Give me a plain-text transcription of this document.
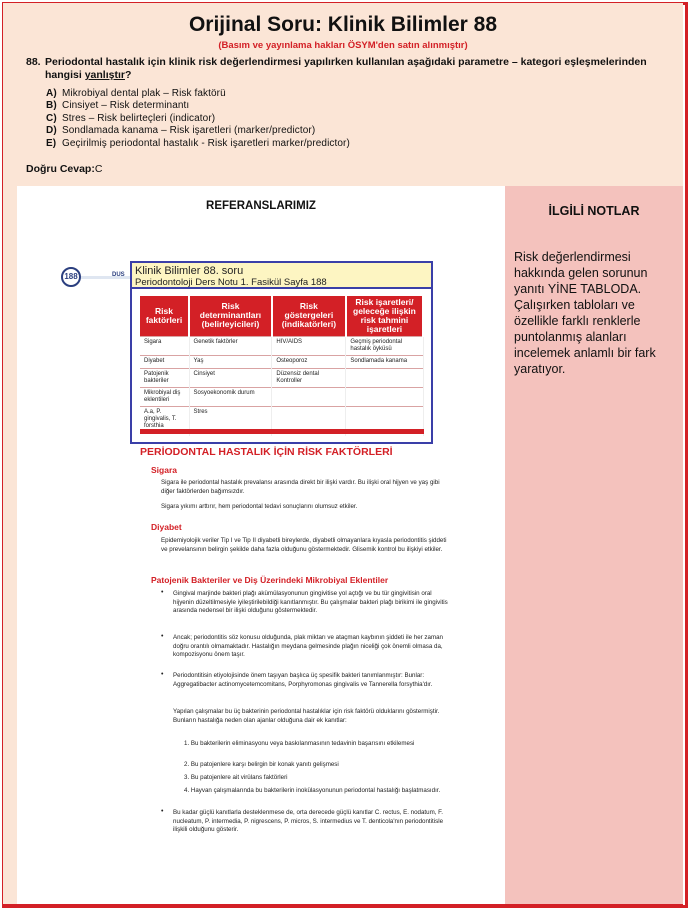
Orijinal Soru: Klinik Bilimler 88
(Basım ve yayınlama hakları ÖSYM'den satın alınmıştır)
88. Periodontal hastalık için klinik risk değerlendirmesi yapılırken kullanılan aşağıdaki parametre – kategori eşleşmelerinden hangisi yanlıştır?
A) Mikrobiyal dental plak – Risk faktörü
B) Cinsiyet – Risk determinantı
C) Stres – Risk belirteçleri (indicator)
D) Sondlamada kanama – Risk işaretleri (marker/predictor)
E) Geçirilmiş periodontal hastalık - Risk işaretleri marker/predictor)
Doğru Cevap:C
REFERANSLARIMIZ
188	DUS Klinik Bilimler 88. soru
Periodontoloji Ders Notu 1. Fasikül Sayfa 188
Risk faktörleri	Risk determinantları (belirleyicileri)	Risk göstergeleri (indikatörleri)	Risk işaretleri/ geleceğe ilişkin risk tahmini işaretleri
Sigara	Genetik faktörler	HIV/AIDS	Geçmiş periodontal hastalık öyküsü
Diyabet	Yaş	Osteoporoz	Sondlamada kanama
Patojenik bakteriler	Cinsiyet	Düzensiz dental Kontroller	
Mikrobiyal diş eklentileri	Sosyoekonomik durum		
A.a, P. gingivalis, T. forsthia	Stres		
PERİODONTAL HASTALIK İÇİN RİSK FAKTÖRLERİ
Sigara

Sigara ile periodontal hastalık prevalansı arasında direkt bir ilişki vardır. Bu ilişki oral hijyen ve yaş gibi diğer faktörlerden bağımsızdır.

Sigara yıkımı arttırır, hem periodontal tedavi sonuçlarını olumsuz etkiler.

Diyabet

Epidemiyolojik veriler Tip I ve Tip II diyabetli bireylerde, diyabetli olmayanlara kıyasla periodontitis şiddeti ve prevelansının belirgin şekilde daha fazla olduğunu göstermektedir. Glisemik kontrol bu ilişkiyi etkiler.

Patojenik Bakteriler ve Diş Üzerindeki Mikrobiyal Eklentiler
• Gingival marjinde bakteri plağı akümülasyonunun gingivitise yol açtığı ve bu tür gingivitisin oral hijyenin düzeltilmesiyle iyileştirilebildiği kanıtlanmıştır. Bu çalışmalar bakteri plağı birikimi ile gingivitis arasında nedensel bir ilişki olduğunu göstermektedir.

• Ancak; periodontitis söz konusu olduğunda, plak miktarı ve ataçman kaybının şiddeti ile her zaman doğru orantılı olmamaktadır. Hastalığın meydana gelmesinde plağın niceliği çok önemli olmasa da, kompozisyonu önem taşır.

• Periodontitisin etiyolojisinde önem taşıyan başlıca üç spesifik bakteri tanımlanmıştır: Bunlar: Aggregatibacter actinomycetemcomitans, Porphyromonas gingivalis ve Tannerella forsythia'dır.

Yapılan çalışmalar bu üç bakterinin periodontal hastalıklar için risk faktörü olduklarını göstermiştir. Bunların hastalığa neden olan ajanlar olduğuna dair ek kanıtlar:

1. Bu bakterilerin eliminasyonu veya baskılanmasının tedavinin başarısını etkilemesi

2. Bu patojenlere karşı belirgin bir konak yanıtı gelişmesi

3. Bu patojenlere ait virülans faktörleri

4. Hayvan çalışmalarında bu bakterilerin inokülasyonunun periodontal hastalığı başlatmasıdır.

• Bu kadar güçlü kanıtlarla desteklenmese de, orta derecede güçlü kanıtlar C. rectus, E. nodatum, F. nucleatum, P. intermedia, P. nigrescens, P. micros, S. intermedius ve T. denticola'nın periodontitisle ilişkili olduğunu gösterir.

İLGİLİ NOTLAR
Risk değerlendirmesi hakkında gelen sorunun yanıtı YİNE TABLODA. Çalışırken tabloları ve özellikle farklı renklerle puntolanmış alanları incelemek anlamlı bir fark yaratıyor.
